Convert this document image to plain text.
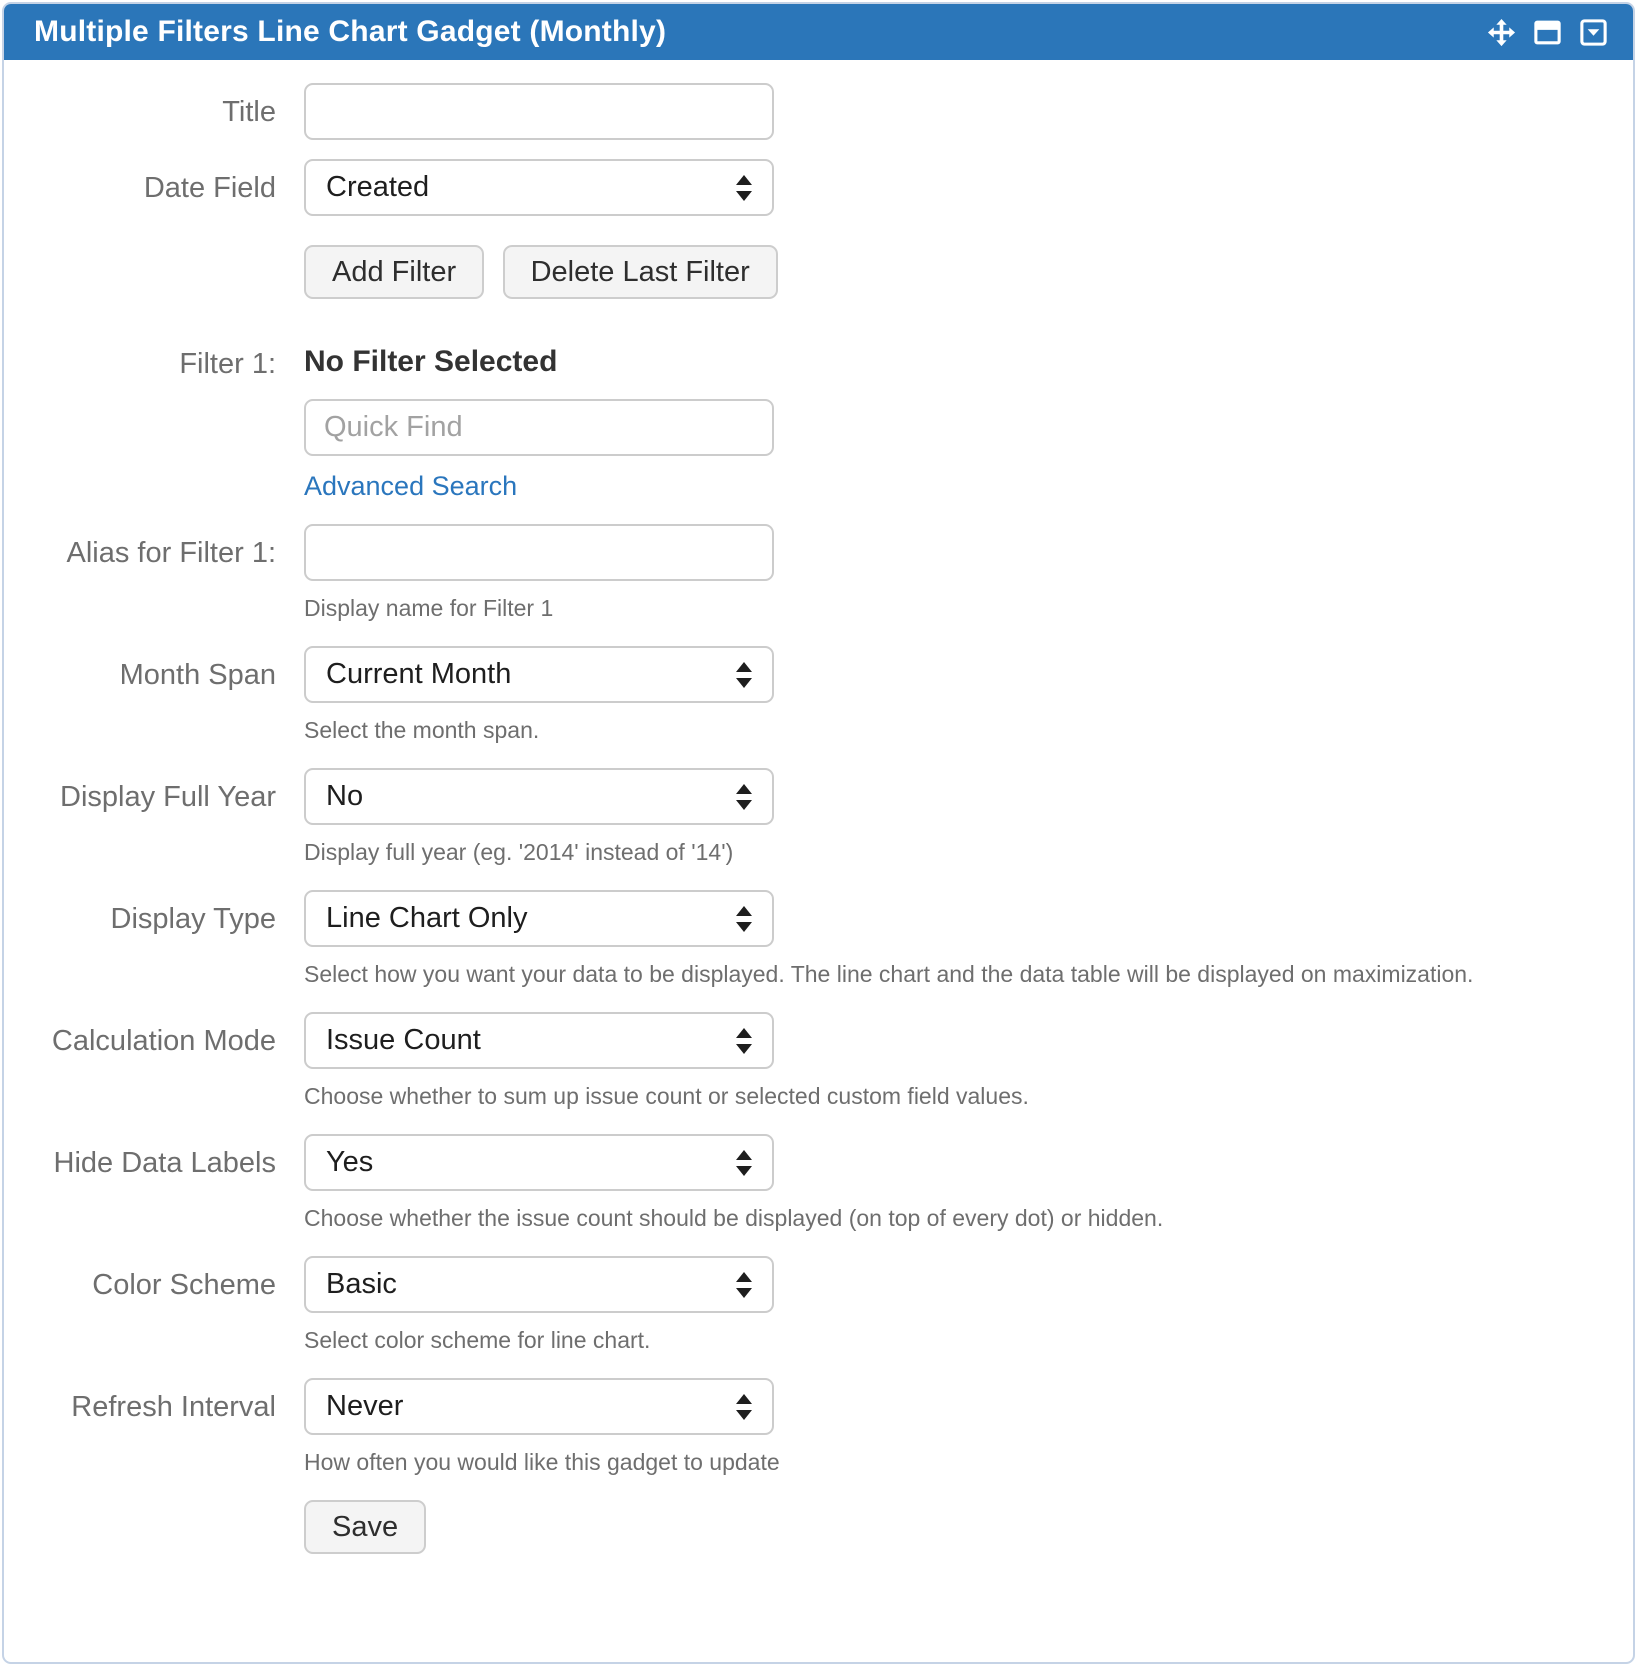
Multiple Filters Line Chart Gadget (Monthly)
Title
Date Field	Created
Add Filter	Delete Last Filter
Filter 1: No Filter Selected
Quick Find
Advanced Search
Alias for Filter 1:
Display name for Filter 1
Month Span	Current Month
Select the month span.
Display Full Year	No
Display full year (eg. '2014' instead of '14')
Display Type	Line Chart Only
Select how you want your data to be displayed. The line chart and the data table will be displayed on maximization.
Calculation Mode	Issue Count
Choose whether to sum up issue count or selected custom field values.
Hide Data Labels	Yes
Choose whether the issue count should be displayed (on top of every dot) or hidden.
Color Scheme	Basic
Select color scheme for line chart.
Refresh Interval	Never
How often you would like this gadget to update
Save
